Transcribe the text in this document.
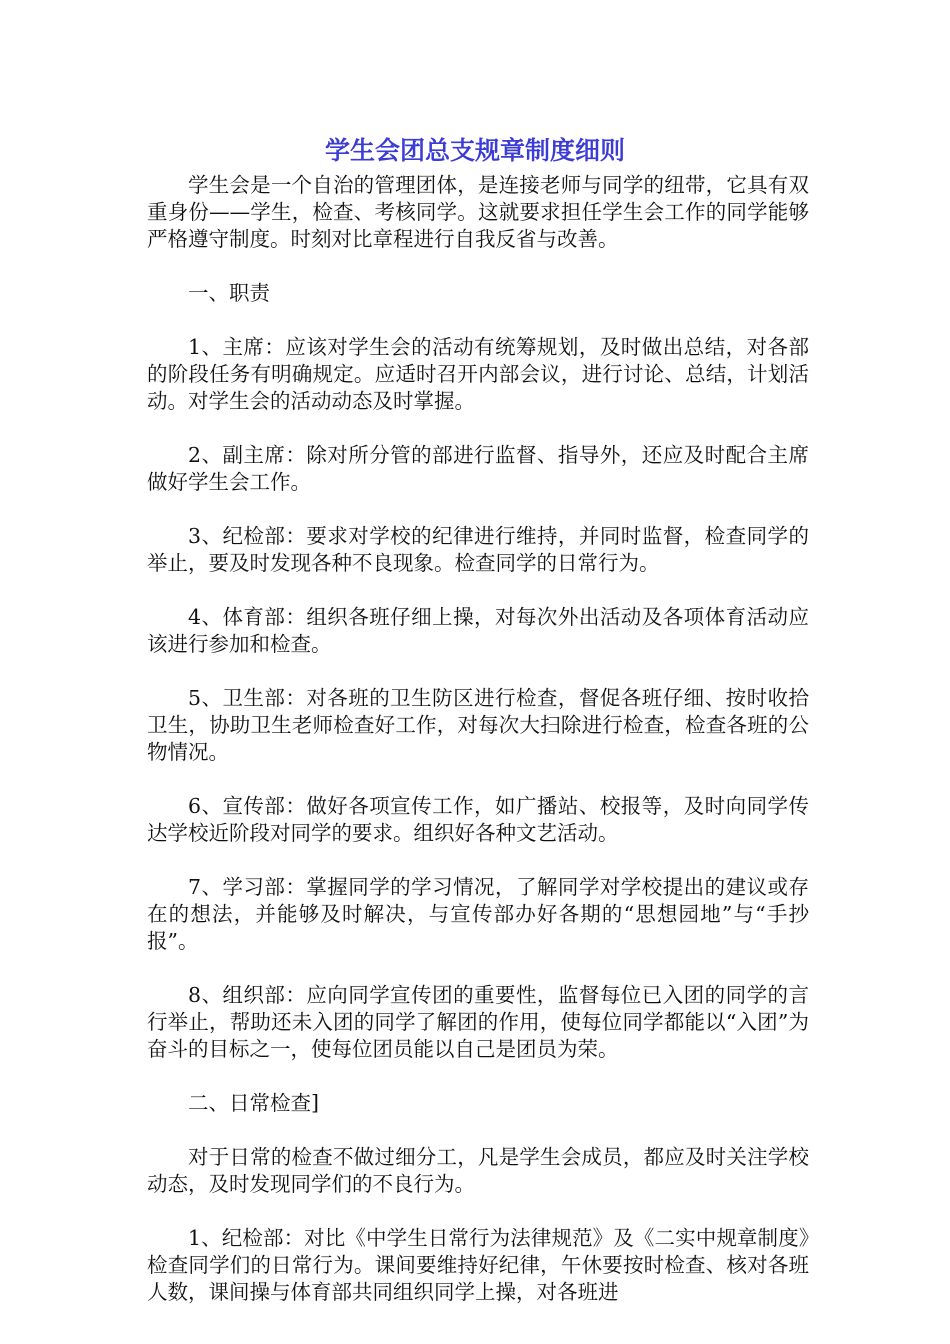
学生会团总支规章制度细则

学生会是一个自治的管理团体，是连接老师与同学的纽带，它具有双重身份——学生，检查、考核同学。这就要求担任学生会工作的同学能够严格遵守制度。时刻对比章程进行自我反省与改善。

一、职责

1、主席：应该对学生会的活动有统筹规划，及时做出总结，对各部的阶段任务有明确规定。应适时召开内部会议，进行讨论、总结，计划活动。对学生会的活动动态及时掌握。

2、副主席：除对所分管的部进行监督、指导外，还应及时配合主席做好学生会工作。

3、纪检部：要求对学校的纪律进行维持，并同时监督，检查同学的举止，要及时发现各种不良现象。检查同学的日常行为。

4、体育部：组织各班仔细上操，对每次外出活动及各项体育活动应该进行参加和检查。

5、卫生部：对各班的卫生防区进行检查，督促各班仔细、按时收拾卫生，协助卫生老师检查好工作，对每次大扫除进行检查，检查各班的公物情况。

6、宣传部：做好各项宣传工作，如广播站、校报等，及时向同学传达学校近阶段对同学的要求。组织好各种文艺活动。

7、学习部：掌握同学的学习情况，了解同学对学校提出的建议或存在的想法，并能够及时解决，与宣传部办好各期的“思想园地”与“手抄报”。

8、组织部：应向同学宣传团的重要性，监督每位已入团的同学的言行举止，帮助还未入团的同学了解团的作用，使每位同学都能以“入团”为奋斗的目标之一，使每位团员能以自己是团员为荣。

二、日常检查]

对于日常的检查不做过细分工，凡是学生会成员，都应及时关注学校动态，及时发现同学们的不良行为。

1、纪检部：对比《中学生日常行为法律规范》及《二实中规章制度》检查同学们的日常行为。课间要维持好纪律，午休要按时检查、核对各班人数，课间操与体育部共同组织同学上操，对各班进
